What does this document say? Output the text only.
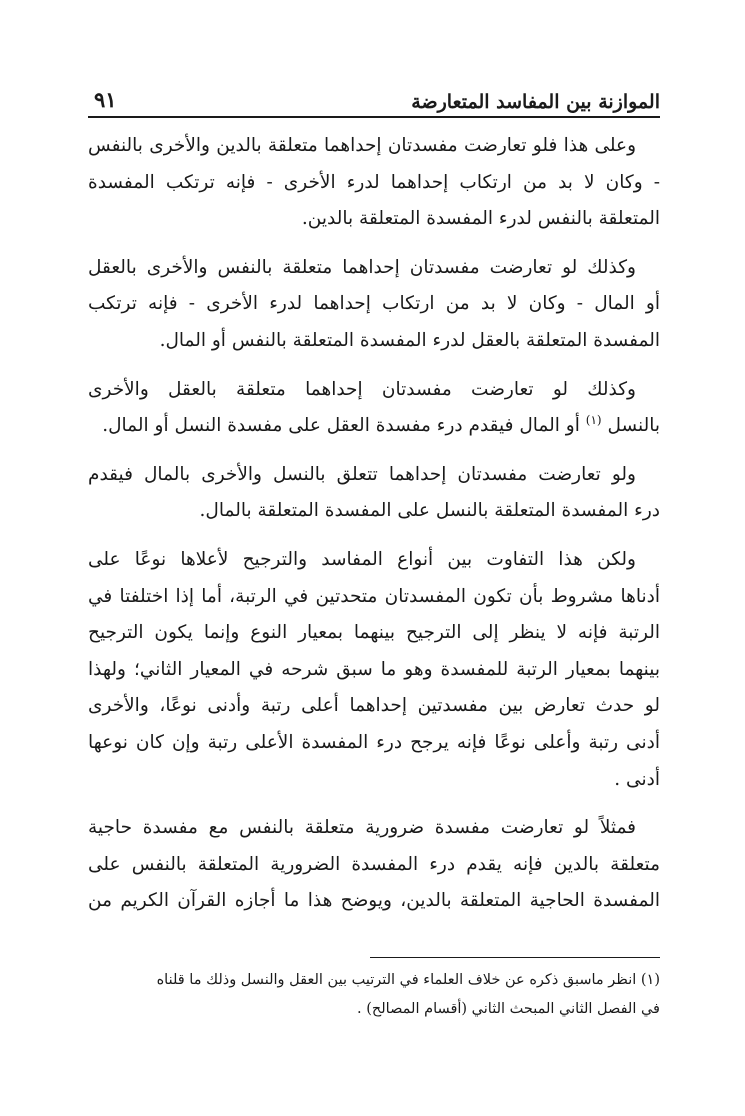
الموازنة بين المفاسد المتعارضة
٩١

وعلى هذا فلو تعارضت مفسدتان إحداهما متعلقة بالدين والأخرى بالنفس
- وكان لا بد من ارتكاب إحداهما لدرء الأخرى - فإنه ترتكب المفسدة
المتعلقة بالنفس لدرء المفسدة المتعلقة بالدين.

وكذلك لو تعارضت مفسدتان إحداهما متعلقة بالنفس والأخرى بالعقل
أو المال - وكان لا بد من ارتكاب إحداهما لدرء الأخرى - فإنه ترتكب
المفسدة المتعلقة بالعقل لدرء المفسدة المتعلقة بالنفس أو المال.

وكذلك لو تعارضت مفسدتان إحداهما متعلقة بالعقل والأخرى
بالنسل $^{(١)}$ أو المال فيقدم درء مفسدة العقل على مفسدة النسل أو المال.

ولو تعارضت مفسدتان إحداهما تتعلق بالنسل والأخرى بالمال فيقدم
درء المفسدة المتعلقة بالنسل على المفسدة المتعلقة بالمال.

ولكن هذا التفاوت بين أنواع المفاسد والترجيح لأعلاها نوعًا على
أدناها مشروط بأن تكون المفسدتان متحدتين في الرتبة، أما إذا اختلفتا في
الرتبة فإنه لا ينظر إلى الترجيح بينهما بمعيار النوع وإنما يكون الترجيح
بينهما بمعيار الرتبة للمفسدة وهو ما سبق شرحه في المعيار الثاني؛ ولهذا
لو حدث تعارض بين مفسدتين إحداهما أعلى رتبة وأدنى نوعًا، والأخرى
أدنى رتبة وأعلى نوعًا فإنه يرجح درء المفسدة الأعلى رتبة وإن كان نوعها
أدنى .

فمثلاً لو تعارضت مفسدة ضرورية متعلقة بالنفس مع مفسدة حاجية
متعلقة بالدين فإنه يقدم درء المفسدة الضرورية المتعلقة بالنفس على
المفسدة الحاجية المتعلقة بالدين، ويوضح هذا ما أجازه القرآن الكريم من

(١) انظر ماسبق ذكره عن خلاف العلماء في الترتيب بين العقل والنسل وذلك ما قلناه
في الفصل الثاني المبحث الثاني (أقسام المصالح) .
